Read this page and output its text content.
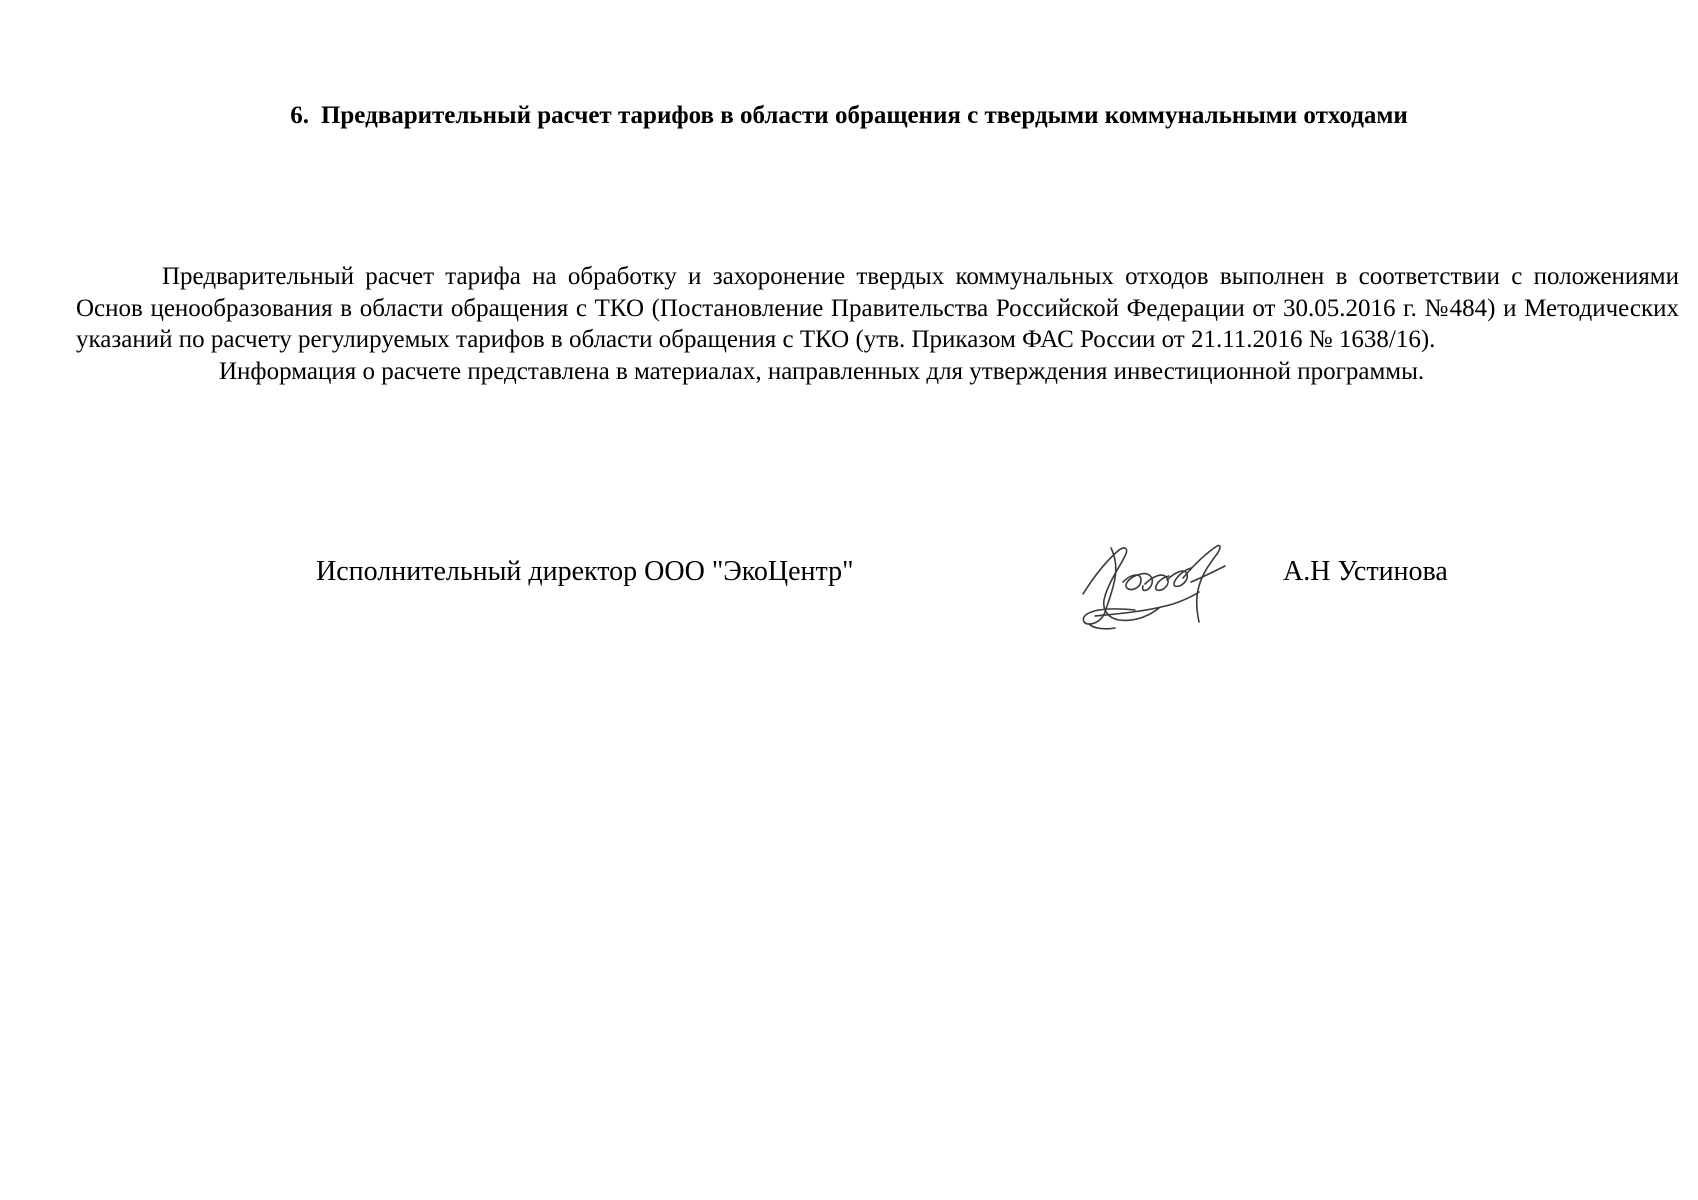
6. Предварительный расчет тарифов в области обращения с твердыми коммунальными отходами

Предварительный расчет тарифа на обработку и захоронение твердых коммунальных отходов выполнен в соответствии с положениями Основ ценообразования в области обращения с ТКО (Постановление Правительства Российской Федерации от 30.05.2016 г. №484) и Методических указаний по расчету регулируемых тарифов в области обращения с ТКО (утв. Приказом ФАС России от 21.11.2016 № 1638/16).

Информация о расчете представлена в материалах, направленных для утверждения инвестиционной программы.

Исполнительный директор ООО "ЭкоЦентр"	А.Н Устинова
